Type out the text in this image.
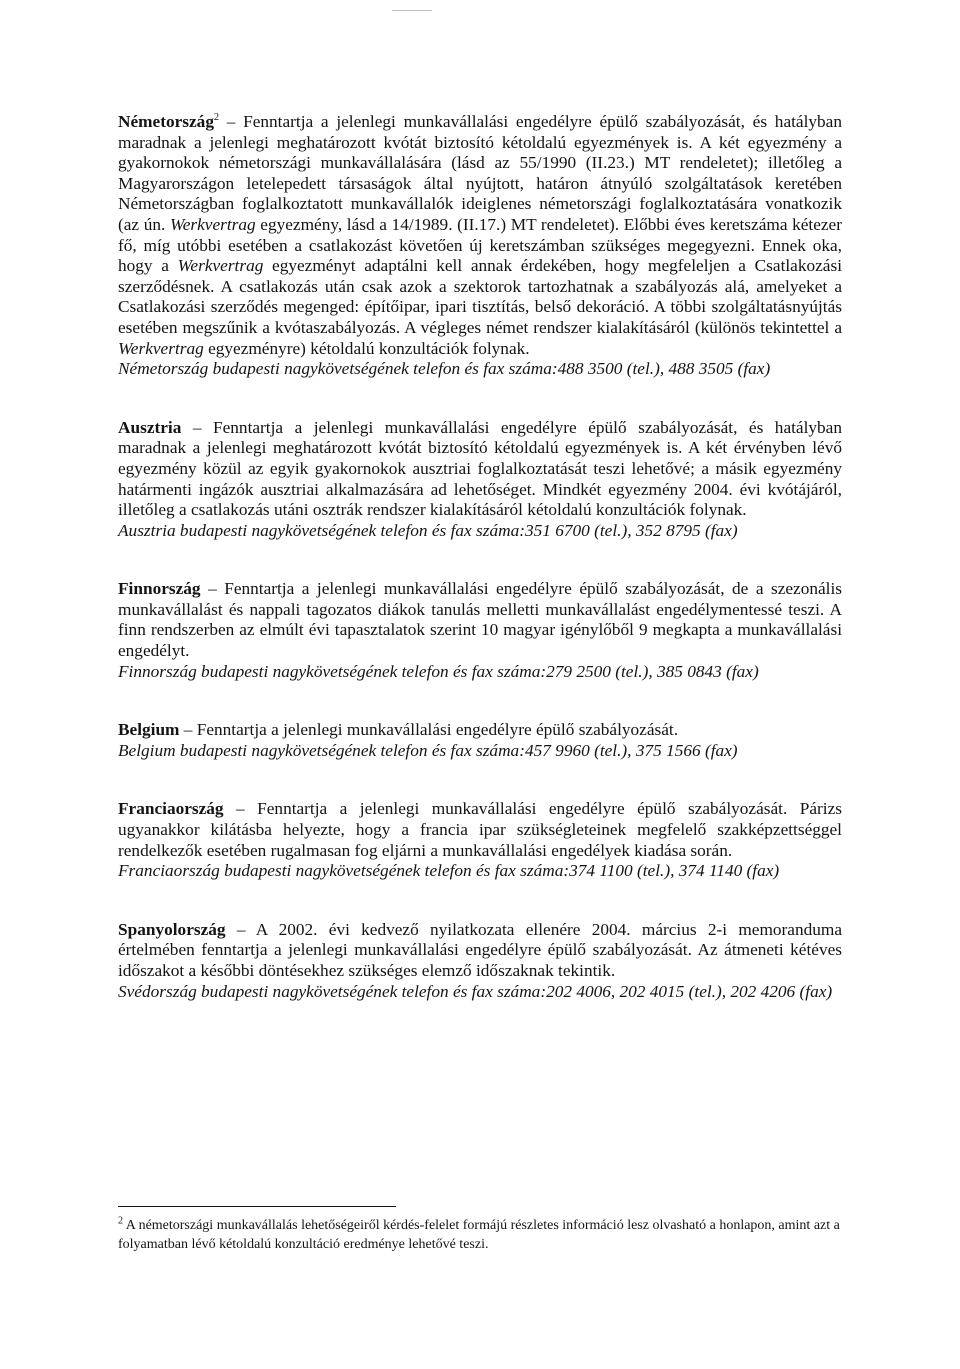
Németország$^2$ – Fenntartja a jelenlegi munkavállalási engedélyre épülő szabályozását, és hatályban maradnak a jelenlegi meghatározott kvótát biztosító kétoldalú egyezmények is. A két egyezmény a gyakornokok németországi munkavállalására (lásd az 55/1990 (II.23.) MT rendeletet); illetőleg a Magyarországon letelepedett társaságok által nyújtott, határon átnyúló szolgáltatások keretében Németországban foglalkoztatott munkavállalók ideiglenes németországi foglalkoztatására vonatkozik (az ún. Werkvertrag egyezmény, lásd a 14/1989. (II.17.) MT rendeletet). Előbbi éves keretszáma kétezer fő, míg utóbbi esetében a csatlakozást követően új keretszámban szükséges megegyezni. Ennek oka, hogy a Werkvertrag egyezményt adaptálni kell annak érdekében, hogy megfeleljen a Csatlakozási szerződésnek. A csatlakozás után csak azok a szektorok tartozhatnak a szabályozás alá, amelyeket a Csatlakozási szerződés megenged: építőipar, ipari tisztítás, belső dekoráció. A többi szolgáltatásnyújtás esetében megszűnik a kvótaszabályozás. A végleges német rendszer kialakításáról (különös tekintettel a Werkvertrag egyezményre) kétoldalú konzultációk folynak.

Németország budapesti nagykövetségének telefon és fax száma:488 3500 (tel.), 488 3505 (fax)

Ausztria – Fenntartja a jelenlegi munkavállalási engedélyre épülő szabályozását, és hatályban maradnak a jelenlegi meghatározott kvótát biztosító kétoldalú egyezmények is. A két érvényben lévő egyezmény közül az egyik gyakornokok ausztriai foglalkoztatását teszi lehetővé; a másik egyezmény határmenti ingázók ausztriai alkalmazására ad lehetőséget. Mindkét egyezmény 2004. évi kvótájáról, illetőleg a csatlakozás utáni osztrák rendszer kialakításáról kétoldalú konzultációk folynak.

Ausztria budapesti nagykövetségének telefon és fax száma:351 6700 (tel.), 352 8795 (fax)

Finnország – Fenntartja a jelenlegi munkavállalási engedélyre épülő szabályozását, de a szezonális munkavállalást és nappali tagozatos diákok tanulás melletti munkavállalást engedélymentessé teszi. A finn rendszerben az elmúlt évi tapasztalatok szerint 10 magyar igénylőből 9 megkapta a munkavállalási engedélyt.

Finnország budapesti nagykövetségének telefon és fax száma:279 2500 (tel.), 385 0843 (fax)

Belgium – Fenntartja a jelenlegi munkavállalási engedélyre épülő szabályozását.

Belgium budapesti nagykövetségének telefon és fax száma:457 9960 (tel.), 375 1566 (fax)

Franciaország – Fenntartja a jelenlegi munkavállalási engedélyre épülő szabályozását. Párizs ugyanakkor kilátásba helyezte, hogy a francia ipar szükségleteinek megfelelő szakképzettséggel rendelkezők esetében rugalmasan fog eljárni a munkavállalási engedélyek kiadása során.

Franciaország budapesti nagykövetségének telefon és fax száma:374 1100 (tel.), 374 1140 (fax)

Spanyolország – A 2002. évi kedvező nyilatkozata ellenére 2004. március 2-i memoranduma értelmében fenntartja a jelenlegi munkavállalási engedélyre épülő szabályozását. Az átmeneti kétéves időszakot a későbbi döntésekhez szükséges elemző időszaknak tekintik.

Svédország budapesti nagykövetségének telefon és fax száma:202 4006, 202 4015 (tel.), 202 4206 (fax)

$^2$ A németországi munkavállalás lehetőségeiről kérdés-felelet formájú részletes információ lesz olvasható a honlapon, amint azt a folyamatban lévő kétoldalú konzultáció eredménye lehetővé teszi.
